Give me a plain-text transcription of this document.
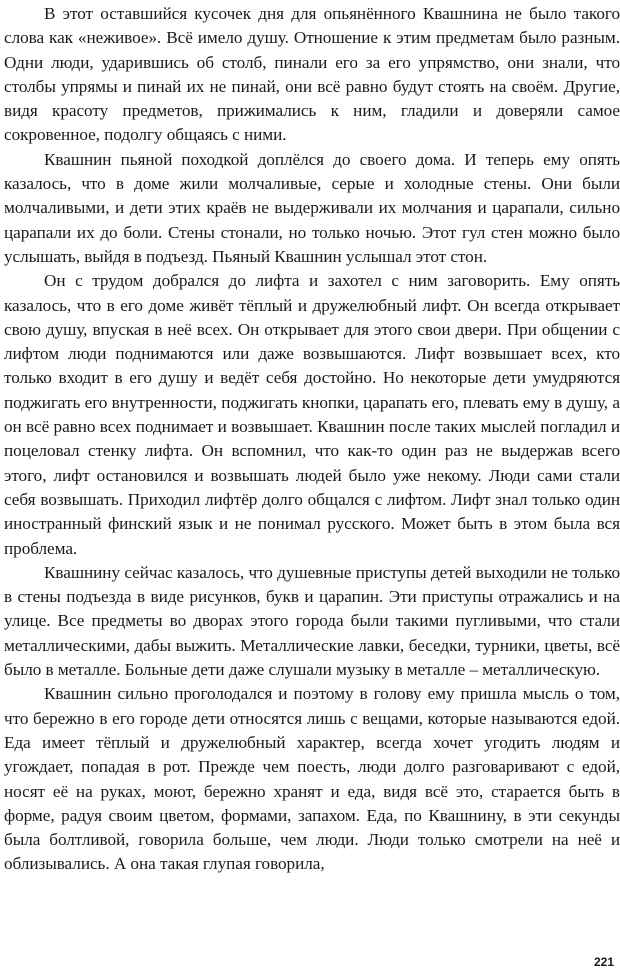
В этот оставшийся кусочек дня для опьянённого Квашнина не было такого слова как «неживое». Всё имело душу. Отношение к этим предметам было разным. Одни люди, ударившись об столб, пинали его за его упрямство, они знали, что столбы упрямы и пинай их не пинай, они всё равно будут стоять на своём. Другие, видя красоту предметов, прижимались к ним, гладили и доверяли самое сокровенное, подолгу общаясь с ними.

Квашнин пьяной походкой доплёлся до своего дома. И теперь ему опять казалось, что в доме жили молчаливые, серые и холодные стены. Они были молчаливыми, и дети этих краёв не выдерживали их молчания и царапали, сильно царапали их до боли. Стены стонали, но только ночью. Этот гул стен можно было услышать, выйдя в подъезд. Пьяный Квашнин услышал этот стон.

Он с трудом добрался до лифта и захотел с ним заговорить. Ему опять казалось, что в его доме живёт тёплый и дружелюбный лифт. Он всегда открывает свою душу, впуская в неё всех. Он открывает для этого свои двери. При общении с лифтом люди поднимаются или даже возвышаются. Лифт возвышает всех, кто только входит в его душу и ведёт себя достойно. Но некоторые дети умудряются поджигать его внутренности, поджигать кнопки, царапать его, плевать ему в душу, а он всё равно всех поднимает и возвышает. Квашнин после таких мыслей погладил и поцеловал стенку лифта. Он вспомнил, что как-то один раз не выдержав всего этого, лифт остановился и возвышать людей было уже некому. Люди сами стали себя возвышать. Приходил лифтёр долго общался с лифтом. Лифт знал только один иностранный финский язык и не понимал русского. Может быть в этом была вся проблема.

Квашнину сейчас казалось, что душевные приступы детей выходили не только в стены подъезда в виде рисунков, букв и царапин. Эти приступы отражались и на улице. Все предметы во дворах этого города были такими пугливыми, что стали металлическими, дабы выжить. Металлические лавки, беседки, турники, цветы, всё было в металле. Больные дети даже слушали музыку в металле – металлическую.

Квашнин сильно проголодался и поэтому в голову ему пришла мысль о том, что бережно в его городе дети относятся лишь с вещами, которые называются едой. Еда имеет тёплый и дружелюбный характер, всегда хочет угодить людям и угождает, попадая в рот. Прежде чем поесть, люди долго разговаривают с едой, носят её на руках, моют, бережно хранят и еда, видя всё это, старается быть в форме, радуя своим цветом, формами, запахом. Еда, по Квашнину, в эти секунды была болтливой, говорила больше, чем люди. Люди только смотрели на неё и облизывались. А она такая глупая говорила,

221
